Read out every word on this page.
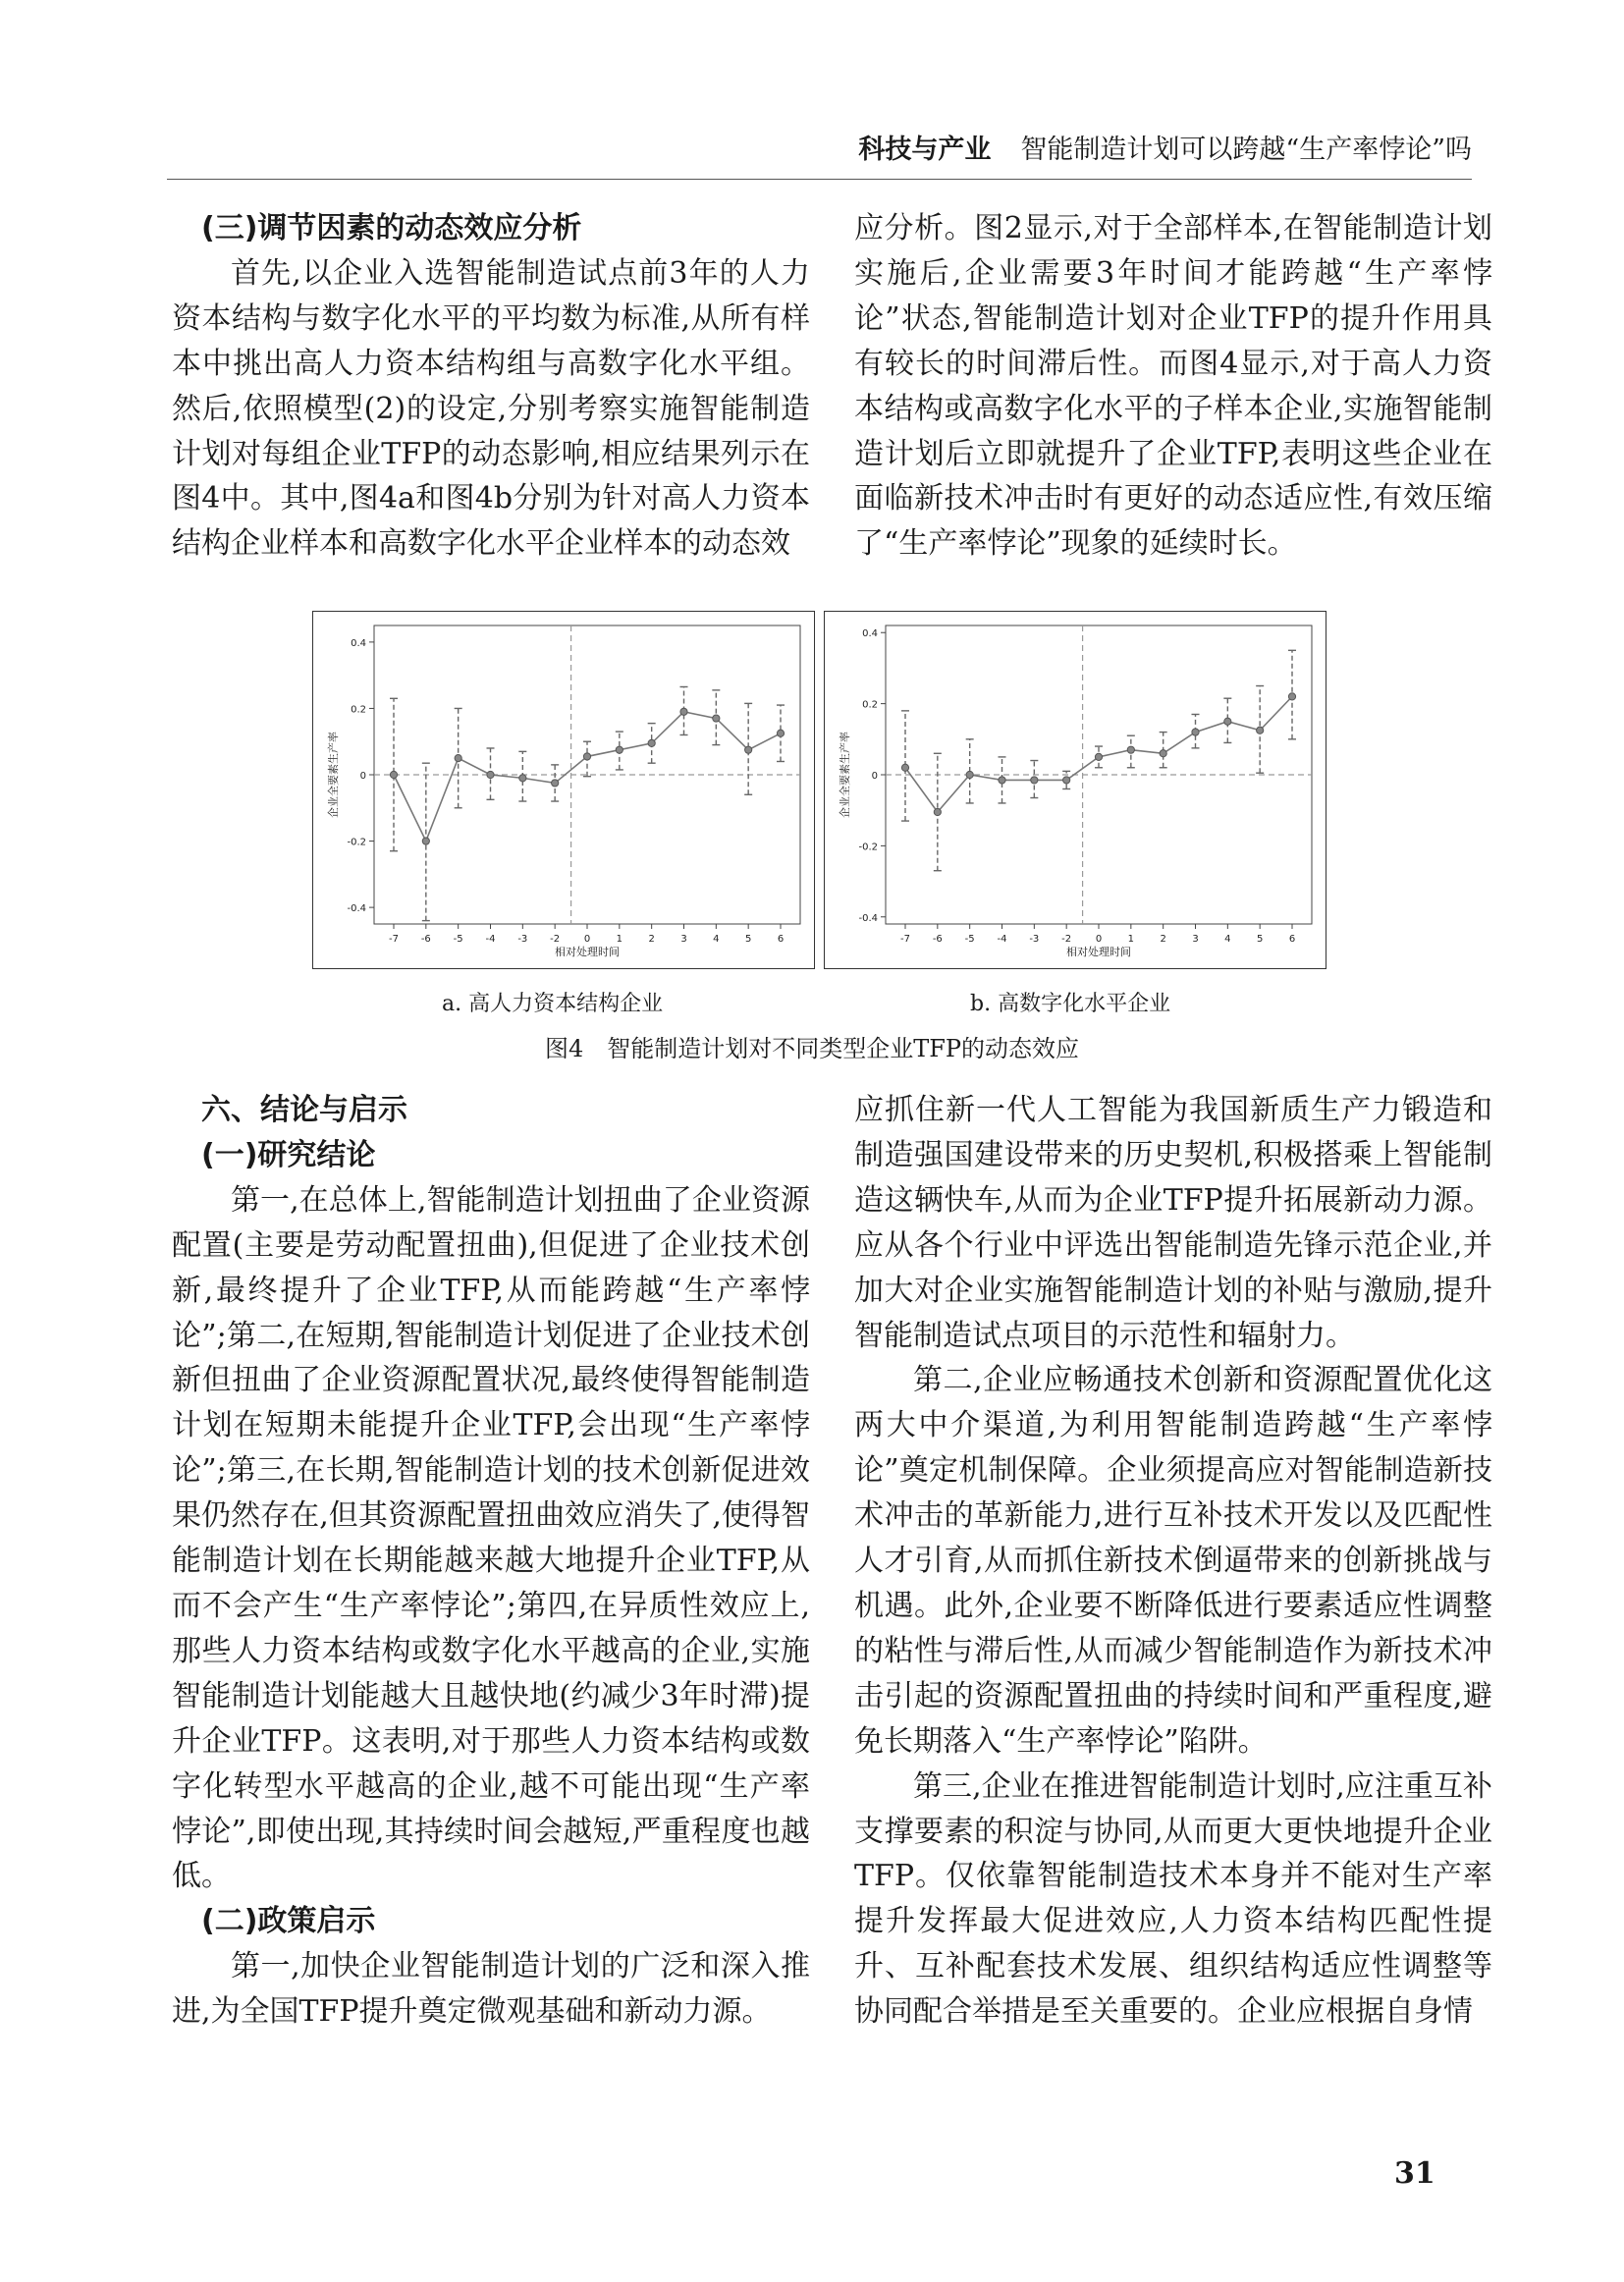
科技与产业 智能制造计划可以跨越“生产率悖论”吗

(三)调节因素的动态效应分析

首先,以企业入选智能制造试点前3年的人力资本结构与数字化水平的平均数为标准,从所有样本中挑出高人力资本结构组与高数字化水平组。然后,依照模型(2)的设定,分别考察实施智能制造计划对每组企业TFP的动态影响,相应结果列示在图4中。其中,图4a和图4b分别为针对高人力资本结构企业样本和高数字化水平企业样本的动态效

应分析。图2显示,对于全部样本,在智能制造计划实施后,企业需要3年时间才能跨越“生产率悖论”状态,智能制造计划对企业TFP的提升作用具有较长的时间滞后性。而图4显示,对于高人力资本结构或高数字化水平的子样本企业,实施智能制造计划后立即就提升了企业TFP,表明这些企业在面临新技术冲击时有更好的动态适应性,有效压缩了“生产率悖论”现象的延续时长。

-0.4
-0.2
0
0.2
0.4
-7 -6 -5 -4 -3 -2 0	1	2	3	4	5	6
相对处理时间
企业全要素生产率
-0.4
-0.2
0
0.2
0.4
-7 -6 -5 -4 -3 -2 0	1	2	3	4	5	6
相对处理时间
企业全要素生产率
a. 高人力资本结构企业	b. 高数字化水平企业
图4　智能制造计划对不同类型企业TFP的动态效应

六、结论与启示

(一)研究结论

第一,在总体上,智能制造计划扭曲了企业资源配置(主要是劳动配置扭曲),但促进了企业技术创新,最终提升了企业TFP,从而能跨越“生产率悖论”;第二,在短期,智能制造计划促进了企业技术创新但扭曲了企业资源配置状况,最终使得智能制造计划在短期未能提升企业TFP,会出现“生产率悖论”;第三,在长期,智能制造计划的技术创新促进效果仍然存在,但其资源配置扭曲效应消失了,使得智能制造计划在长期能越来越大地提升企业TFP,从而不会产生“生产率悖论”;第四,在异质性效应上,那些人力资本结构或数字化水平越高的企业,实施智能制造计划能越大且越快地(约减少3年时滞)提升企业TFP。这表明,对于那些人力资本结构或数字化转型水平越高的企业,越不可能出现“生产率悖论”,即使出现,其持续时间会越短,严重程度也越低。

(二)政策启示

第一,加快企业智能制造计划的广泛和深入推进,为全国TFP提升奠定微观基础和新动力源。

应抓住新一代人工智能为我国新质生产力锻造和制造强国建设带来的历史契机,积极搭乘上智能制造这辆快车,从而为企业TFP提升拓展新动力源。应从各个行业中评选出智能制造先锋示范企业,并加大对企业实施智能制造计划的补贴与激励,提升智能制造试点项目的示范性和辐射力。

第二,企业应畅通技术创新和资源配置优化这两大中介渠道,为利用智能制造跨越“生产率悖论”奠定机制保障。企业须提高应对智能制造新技术冲击的革新能力,进行互补技术开发以及匹配性人才引育,从而抓住新技术倒逼带来的创新挑战与机遇。此外,企业要不断降低进行要素适应性调整的粘性与滞后性,从而减少智能制造作为新技术冲击引起的资源配置扭曲的持续时间和严重程度,避免长期落入“生产率悖论”陷阱。

第三,企业在推进智能制造计划时,应注重互补支撑要素的积淀与协同,从而更大更快地提升企业TFP。仅依靠智能制造技术本身并不能对生产率提升发挥最大促进效应,人力资本结构匹配性提升、互补配套技术发展、组织结构适应性调整等协同配合举措是至关重要的。企业应根据自身情

31
